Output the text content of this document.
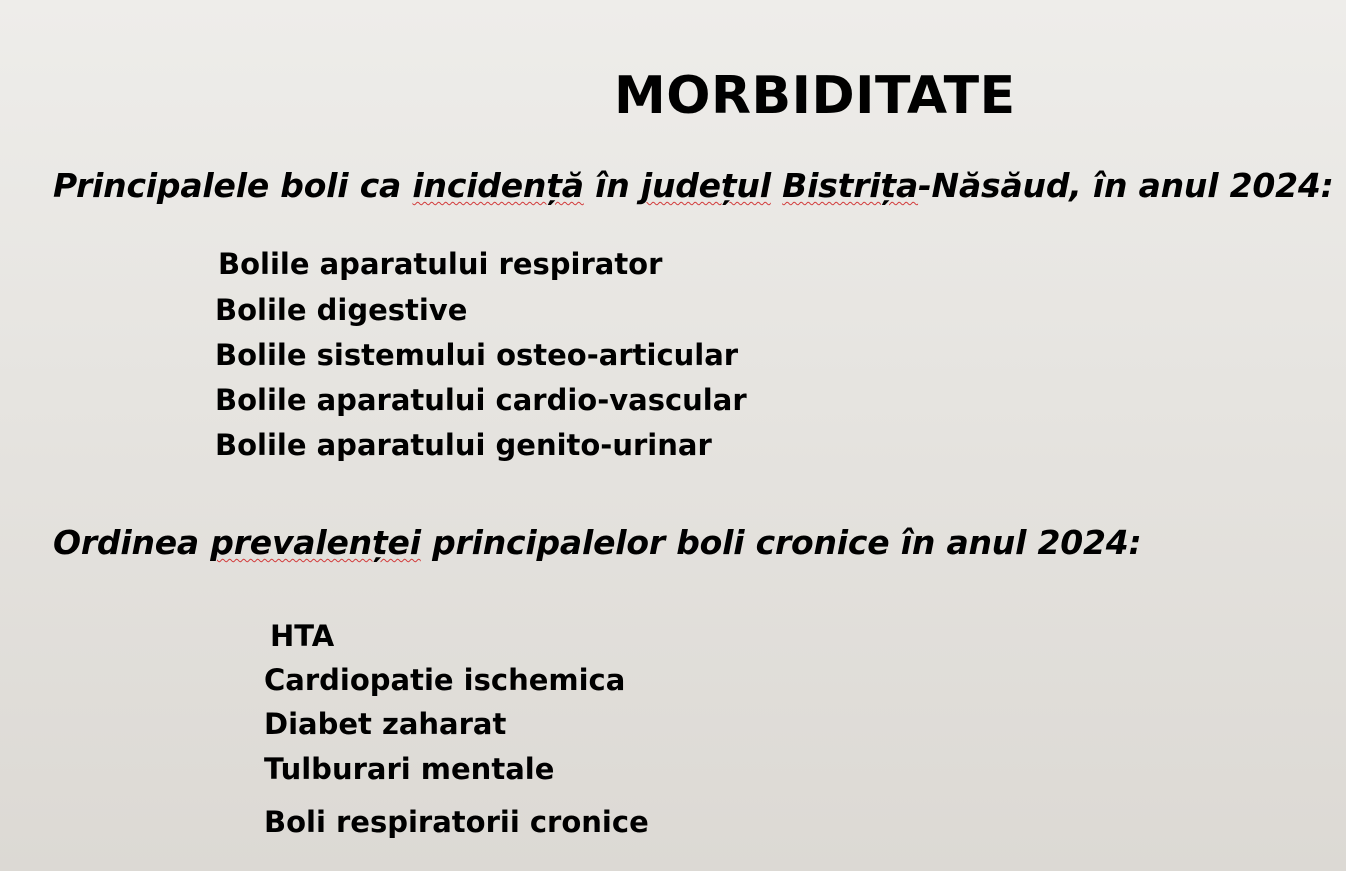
MORBIDITATE
Principalele boli ca incidență în județul Bistrița-Năsăud, în anul 2024:
Bolile aparatului respirator
Bolile digestive
Bolile sistemului osteo-articular
Bolile aparatului cardio-vascular
Bolile aparatului genito-urinar
Ordinea prevalenței principalelor boli cronice în anul 2024:
HTA
Cardiopatie ischemica
Diabet zaharat
Tulburari mentale
Boli respiratorii cronice
